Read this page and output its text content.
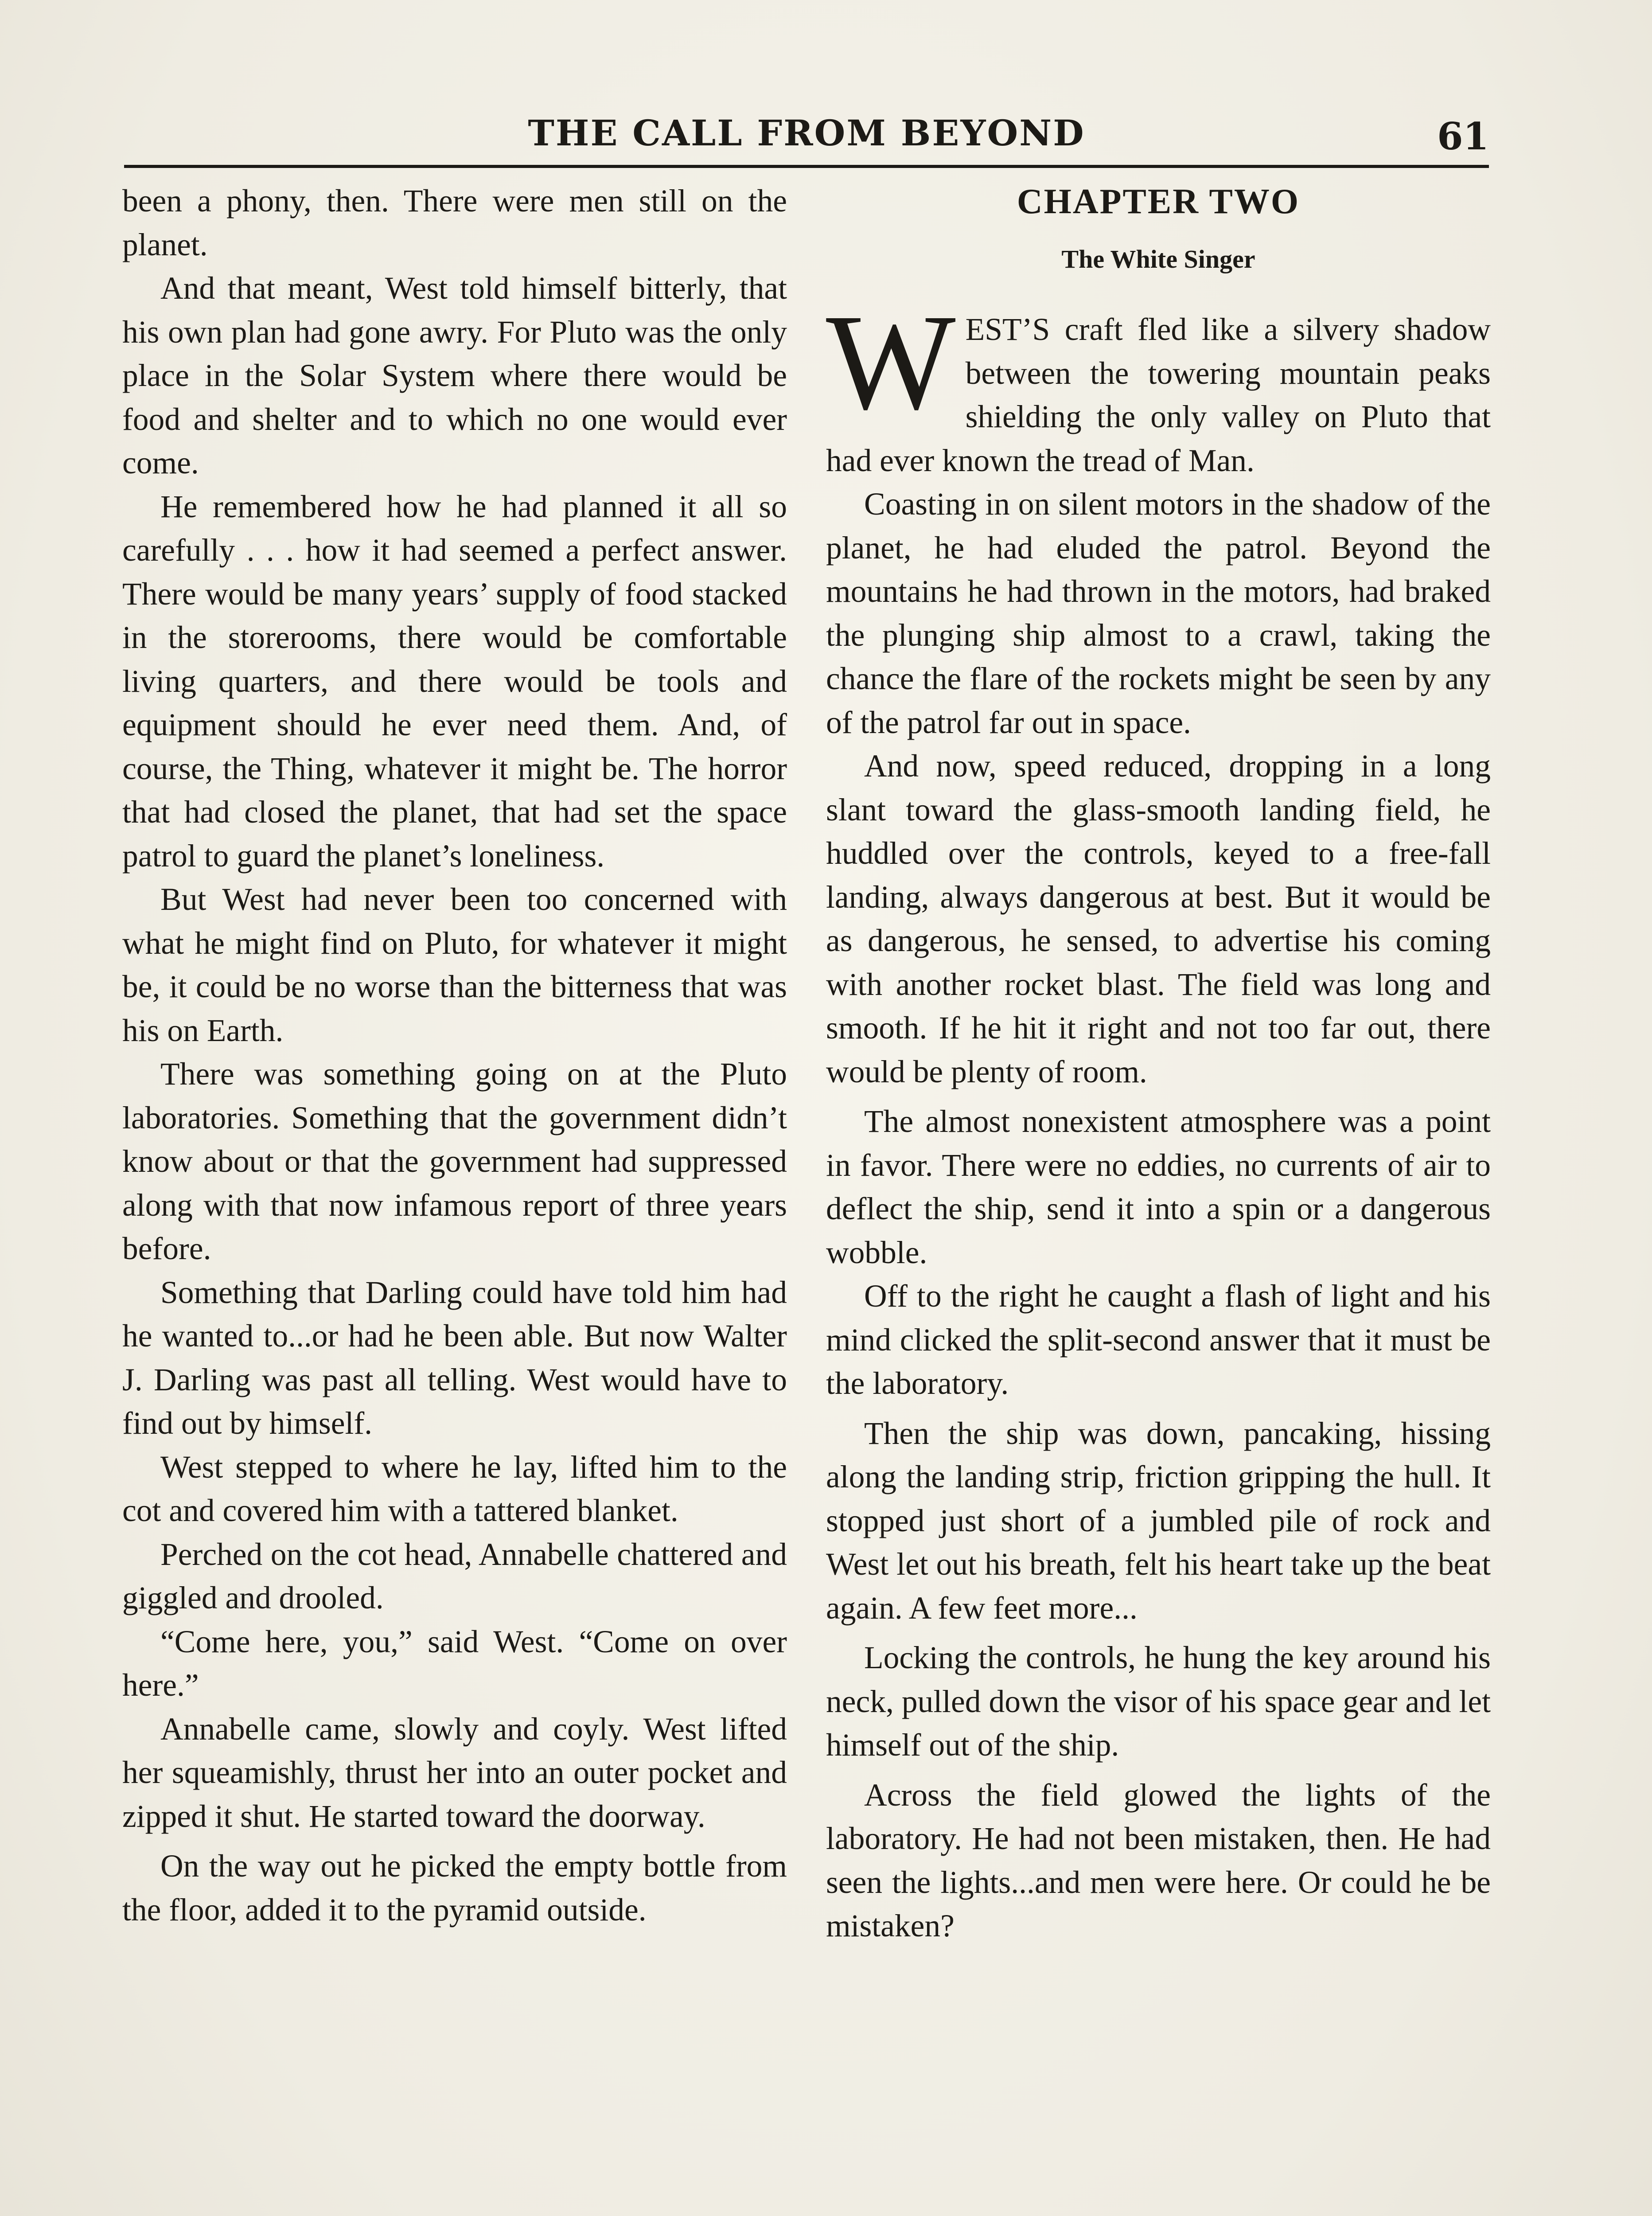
THE CALL FROM BEYOND	61

been a phony, then. There were men still on the planet.

And that meant, West told himself bitterly, that his own plan had gone awry. For Pluto was the only place in the Solar System where there would be food and shelter and to which no one would ever come.

He remembered how he had planned it all so carefully . . . how it had seemed a perfect answer. There would be many years’ supply of food stacked in the storerooms, there would be comfortable living quarters, and there would be tools and equipment should he ever need them. And, of course, the Thing, whatever it might be. The horror that had closed the planet, that had set the space patrol to guard the planet’s loneliness.

But West had never been too concerned with what he might find on Pluto, for whatever it might be, it could be no worse than the bitterness that was his on Earth.

There was something going on at the Pluto laboratories. Something that the government didn’t know about or that the government had suppressed along with that now infamous report of three years before.

Something that Darling could have told him had he wanted to...or had he been able. But now Walter J. Darling was past all telling. West would have to find out by himself.

West stepped to where he lay, lifted him to the cot and covered him with a tattered blanket.

Perched on the cot head, Annabelle chattered and giggled and drooled.

“Come here, you,” said West. “Come on over here.”

Annabelle came, slowly and coyly. West lifted her squeamishly, thrust her into an outer pocket and zipped it shut. He started toward the doorway.

On the way out he picked the empty bottle from the floor, added it to the pyramid outside.

CHAPTER TWO
The White Singer

WEST’S craft fled like a silvery shadow between the towering mountain peaks shielding the only valley on Pluto that had ever known the tread of Man.

Coasting in on silent motors in the shadow of the planet, he had eluded the patrol. Beyond the mountains he had thrown in the motors, had braked the plunging ship almost to a crawl, taking the chance the flare of the rockets might be seen by any of the patrol far out in space.

And now, speed reduced, dropping in a long slant toward the glass-smooth landing field, he huddled over the controls, keyed to a free-fall landing, always dangerous at best. But it would be as dangerous, he sensed, to advertise his coming with another rocket blast. The field was long and smooth. If he hit it right and not too far out, there would be plenty of room.

The almost nonexistent atmosphere was a point in favor. There were no eddies, no currents of air to deflect the ship, send it into a spin or a dangerous wobble.

Off to the right he caught a flash of light and his mind clicked the split-second answer that it must be the laboratory.

Then the ship was down, pancaking, hissing along the landing strip, friction gripping the hull. It stopped just short of a jumbled pile of rock and West let out his breath, felt his heart take up the beat again. A few feet more...

Locking the controls, he hung the key around his neck, pulled down the visor of his space gear and let himself out of the ship.

Across the field glowed the lights of the laboratory. He had not been mistaken, then. He had seen the lights...and men were here. Or could he be mistaken?
